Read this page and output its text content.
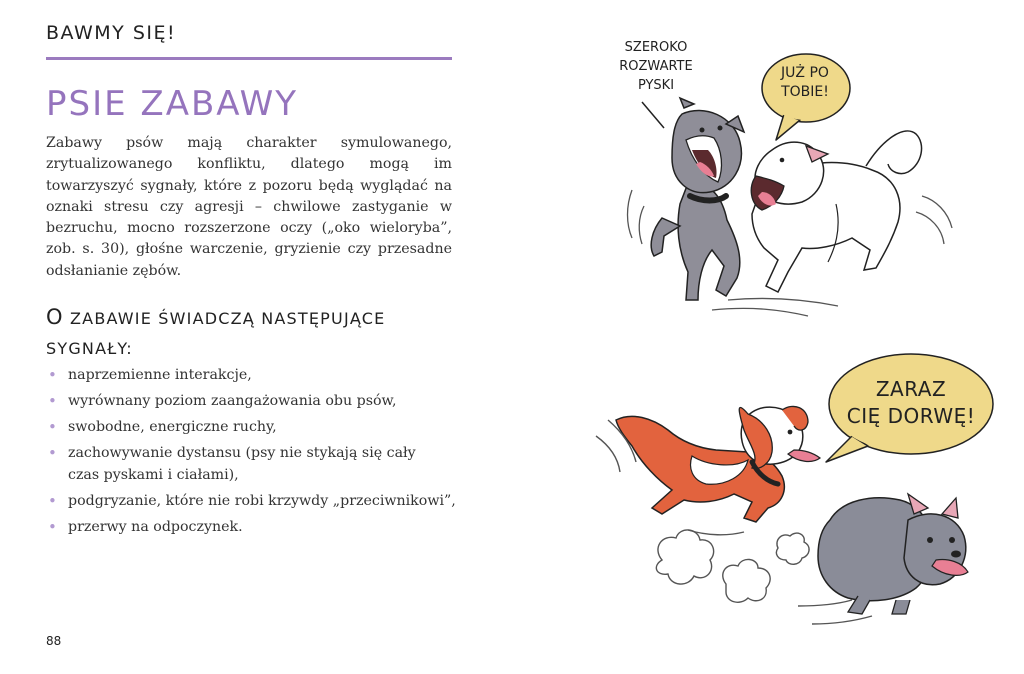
BAWMY SIĘ!
PSIE ZABAWY

Zabawy psów mają charakter symulowanego, zrytualizowanego konfliktu, dlatego mogą im towarzyszyć sygnały, które z pozoru będą wyglądać na oznaki stresu czy agresji – chwilowe zastyganie w bezruchu, mocno rozszerzone oczy („oko wieloryba”, zob. s. 30), głośne warczenie, gryzienie czy przesadne odsłanianie zębów.

O ZABAWIE ŚWIADCZĄ NASTĘPUJĄCE
SYGNAŁY:
• naprzemienne interakcje,
• wyrównany poziom zaangażowania obu psów,
• swobodne, energiczne ruchy,
• zachowywanie dystansu (psy nie stykają się cały czas pyskami i ciałami),
• podgryzanie, które nie robi krzywdy „przeciwnikowi”,
• przerwy na odpoczynek.
88
SZEROKO
ROZWARTE
PYSKI
JUŻ PO
TOBIE!
ZARAZ
CIĘ DORWĘ!
